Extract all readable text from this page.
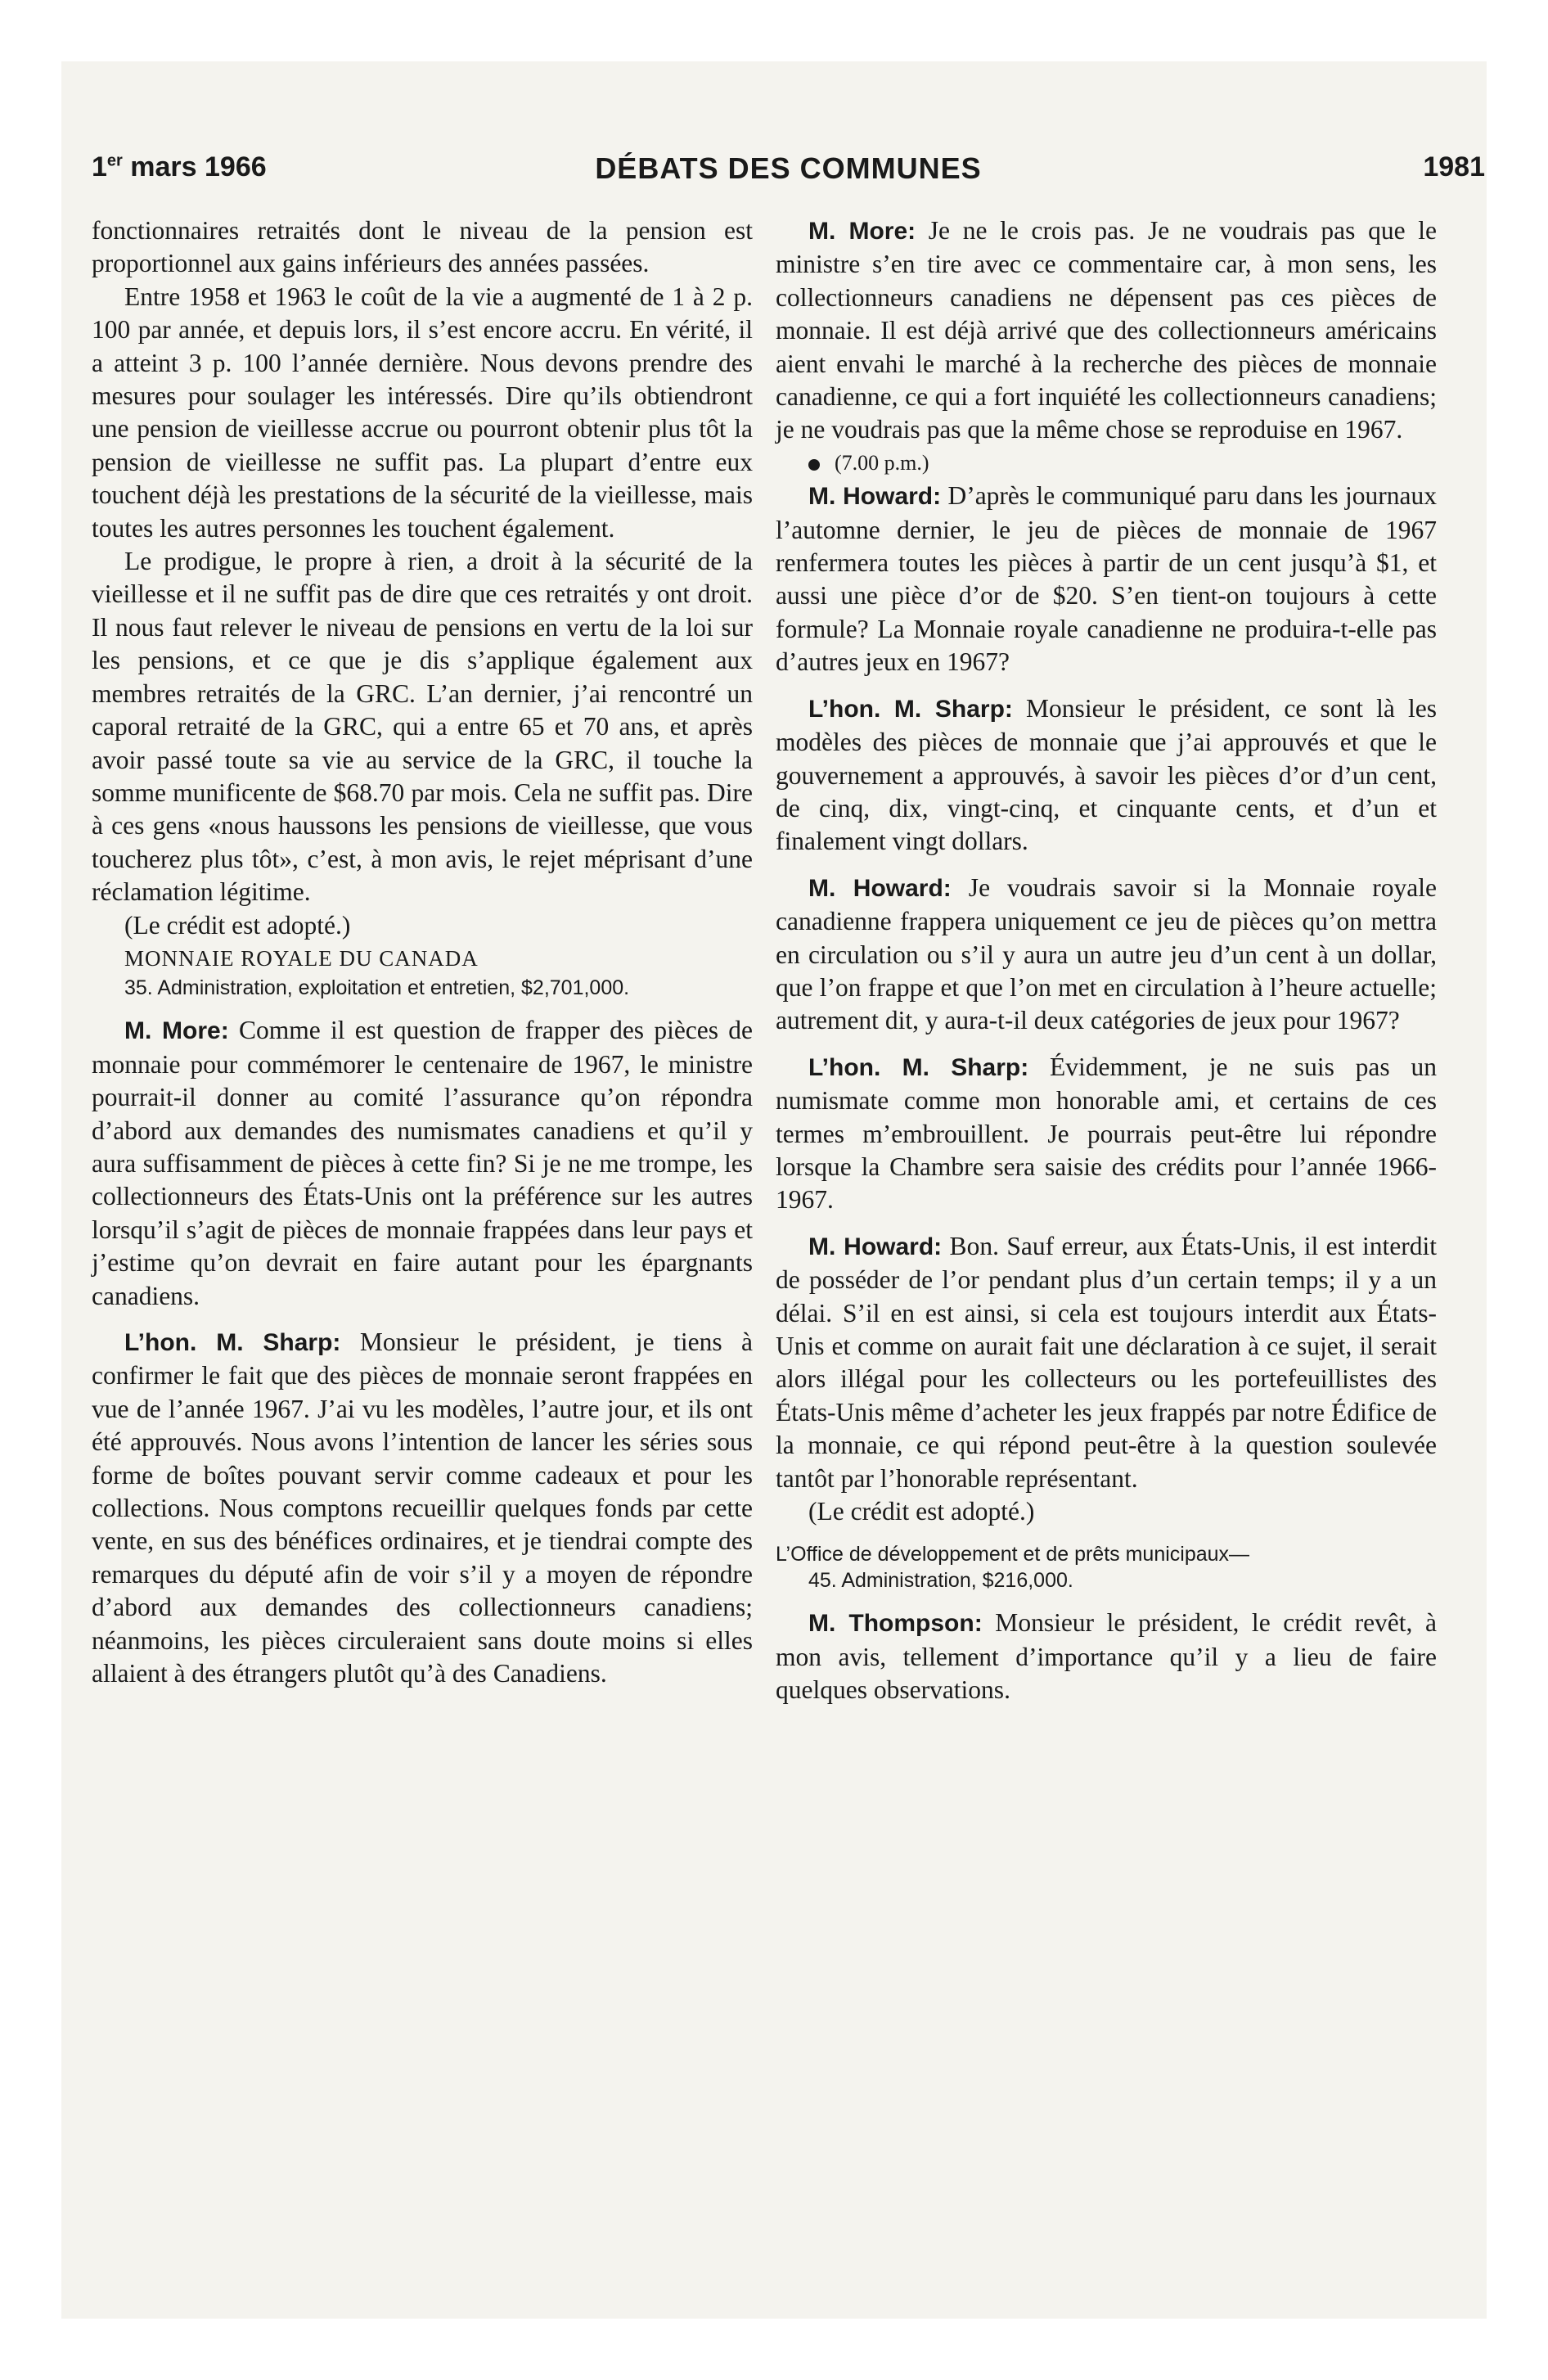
1er mars 1966	DÉBATS DES COMMUNES	1981

fonctionnaires retraités dont le niveau de la pension est proportionnel aux gains inférieurs des années passées.

Entre 1958 et 1963 le coût de la vie a augmenté de 1 à 2 p. 100 par année, et depuis lors, il s’est encore accru. En vérité, il a atteint 3 p. 100 l’année dernière. Nous devons prendre des mesures pour soulager les intéressés. Dire qu’ils obtiendront une pension de vieillesse accrue ou pourront obtenir plus tôt la pension de vieillesse ne suffit pas. La plupart d’entre eux touchent déjà les prestations de la sécurité de la vieillesse, mais toutes les autres personnes les touchent également.

Le prodigue, le propre à rien, a droit à la sécurité de la vieillesse et il ne suffit pas de dire que ces retraités y ont droit. Il nous faut relever le niveau de pensions en vertu de la loi sur les pensions, et ce que je dis s’applique également aux membres retraités de la GRC. L’an dernier, j’ai rencontré un caporal retraité de la GRC, qui a entre 65 et 70 ans, et après avoir passé toute sa vie au service de la GRC, il touche la somme munificente de $68.70 par mois. Cela ne suffit pas. Dire à ces gens «nous haussons les pensions de vieillesse, que vous toucherez plus tôt», c’est, à mon avis, le rejet méprisant d’une réclamation légitime.

(Le crédit est adopté.)

MONNAIE ROYALE DU CANADA

35. Administration, exploitation et entretien, $2,701,000.

M. More: Comme il est question de frapper des pièces de monnaie pour commémorer le centenaire de 1967, le ministre pourrait-il donner au comité l’assurance qu’on répondra d’abord aux demandes des numismates canadiens et qu’il y aura suffisamment de pièces à cette fin? Si je ne me trompe, les collectionneurs des États-Unis ont la préférence sur les autres lorsqu’il s’agit de pièces de monnaie frappées dans leur pays et j’estime qu’on devrait en faire autant pour les épargnants canadiens.

L’hon. M. Sharp: Monsieur le président, je tiens à confirmer le fait que des pièces de monnaie seront frappées en vue de l’année 1967. J’ai vu les modèles, l’autre jour, et ils ont été approuvés. Nous avons l’intention de lancer les séries sous forme de boîtes pouvant servir comme cadeaux et pour les collections. Nous comptons recueillir quelques fonds par cette vente, en sus des bénéfices ordinaires, et je tiendrai compte des remarques du député afin de voir s’il y a moyen de répondre d’abord aux demandes des collectionneurs canadiens; néanmoins, les pièces circuleraient sans doute moins si elles allaient à des étrangers plutôt qu’à des Canadiens.

M. More: Je ne le crois pas. Je ne voudrais pas que le ministre s’en tire avec ce commentaire car, à mon sens, les collectionneurs canadiens ne dépensent pas ces pièces de monnaie. Il est déjà arrivé que des collectionneurs américains aient envahi le marché à la recherche des pièces de monnaie canadienne, ce qui a fort inquiété les collectionneurs canadiens; je ne voudrais pas que la même chose se reproduise en 1967.

(7.00 p.m.)

M. Howard: D’après le communiqué paru dans les journaux l’automne dernier, le jeu de pièces de monnaie de 1967 renfermera toutes les pièces à partir de un cent jusqu’à $1, et aussi une pièce d’or de $20. S’en tient-on toujours à cette formule? La Monnaie royale canadienne ne produira-t-elle pas d’autres jeux en 1967?

L’hon. M. Sharp: Monsieur le président, ce sont là les modèles des pièces de monnaie que j’ai approuvés et que le gouvernement a approuvés, à savoir les pièces d’or d’un cent, de cinq, dix, vingt-cinq, et cinquante cents, et d’un et finalement vingt dollars.

M. Howard: Je voudrais savoir si la Monnaie royale canadienne frappera uniquement ce jeu de pièces qu’on mettra en circulation ou s’il y aura un autre jeu d’un cent à un dollar, que l’on frappe et que l’on met en circulation à l’heure actuelle; autrement dit, y aura-t-il deux catégories de jeux pour 1967?

L’hon. M. Sharp: Évidemment, je ne suis pas un numismate comme mon honorable ami, et certains de ces termes m’embrouillent. Je pourrais peut-être lui répondre lorsque la Chambre sera saisie des crédits pour l’année 1966-1967.

M. Howard: Bon. Sauf erreur, aux États-Unis, il est interdit de posséder de l’or pendant plus d’un certain temps; il y a un délai. S’il en est ainsi, si cela est toujours interdit aux États-Unis et comme on aurait fait une déclaration à ce sujet, il serait alors illégal pour les collecteurs ou les portefeuillistes des États-Unis même d’acheter les jeux frappés par notre Édifice de la monnaie, ce qui répond peut-être à la question soulevée tantôt par l’honorable représentant.

(Le crédit est adopté.)

L’Office de développement et de prêts municipaux—

45. Administration, $216,000.

M. Thompson: Monsieur le président, le crédit revêt, à mon avis, tellement d’importance qu’il y a lieu de faire quelques observations.
